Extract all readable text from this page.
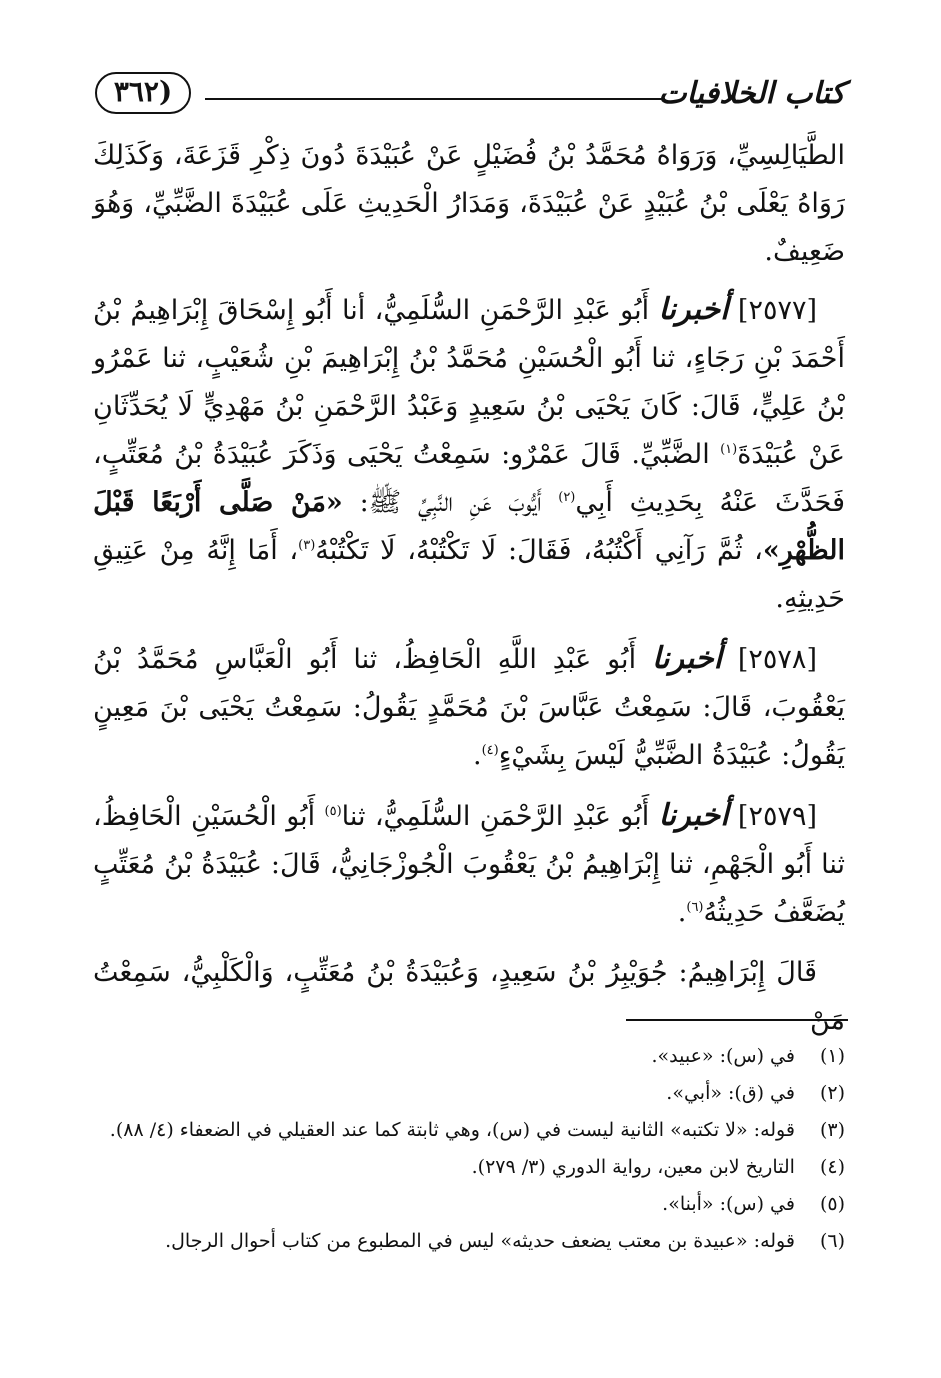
كتاب الخلافيات
(٣٦٢

الطَّيَالِسِيِّ، وَرَوَاهُ مُحَمَّدُ بْنُ فُضَيْلٍ عَنْ عُبَيْدَةَ دُونَ ذِكْرِ قَزَعَةَ، وَكَذَلِكَ رَوَاهُ يَعْلَى بْنُ عُبَيْدٍ عَنْ عُبَيْدَةَ، وَمَدَارُ الْحَدِيثِ عَلَى عُبَيْدَةَ الضَّبِّيِّ، وَهُوَ ضَعِيفٌ.

[٢٥٧٧] أخبرنا أَبُو عَبْدِ الرَّحْمَنِ السُّلَمِيُّ، أنا أَبُو إِسْحَاقَ إِبْرَاهِيمُ بْنُ أَحْمَدَ بْنِ رَجَاءٍ، ثنا أَبُو الْحُسَيْنِ مُحَمَّدُ بْنُ إِبْرَاهِيمَ بْنِ شُعَيْبٍ، ثنا عَمْرُو بْنُ عَلِيٍّ، قَالَ: كَانَ يَحْيَى بْنُ سَعِيدٍ وَعَبْدُ الرَّحْمَنِ بْنُ مَهْدِيٍّ لَا يُحَدِّثَانِ عَنْ عُبَيْدَةَ$^{(١)}$ الضَّبِّيِّ. قَالَ عَمْرٌو: سَمِعْتُ يَحْيَى وَذَكَرَ عُبَيْدَةُ بْنُ مُعَتِّبٍ، فَحَدَّثَ عَنْهُ بِحَدِيثِ أَبِي$^{(٢)}$ أَيُّوبَ عَنِ النَّبِيِّ ﷺ: «مَنْ صَلَّى أَرْبَعًا قَبْلَ الظُّهْرِ»، ثُمَّ رَآنِي أَكْتُبُهُ، فَقَالَ: لَا تَكْتُبْهُ، لَا تَكْتُبْهُ$^{(٣)}$، أَمَا إِنَّهُ مِنْ عَتِيقِ حَدِيثِهِ.

[٢٥٧٨] أخبرنا أَبُو عَبْدِ اللَّهِ الْحَافِظُ، ثنا أَبُو الْعَبَّاسِ مُحَمَّدُ بْنُ يَعْقُوبَ، قَالَ: سَمِعْتُ عَبَّاسَ بْنَ مُحَمَّدٍ يَقُولُ: سَمِعْتُ يَحْيَى بْنَ مَعِينٍ يَقُولُ: عُبَيْدَةُ الضَّبِّيُّ لَيْسَ بِشَيْءٍ$^{(٤)}$.

[٢٥٧٩] أخبرنا أَبُو عَبْدِ الرَّحْمَنِ السُّلَمِيُّ، ثنا$^{(٥)}$ أَبُو الْحُسَيْنِ الْحَافِظُ، ثنا أَبُو الْجَهْمِ، ثنا إِبْرَاهِيمُ بْنُ يَعْقُوبَ الْجُوزْجَانِيُّ، قَالَ: عُبَيْدَةُ بْنُ مُعَتِّبٍ يُضَعَّفُ حَدِيثُهُ$^{(٦)}$.

قَالَ إِبْرَاهِيمُ: جُوَيْبِرُ بْنُ سَعِيدٍ، وَعُبَيْدَةُ بْنُ مُعَتِّبٍ، وَالْكَلْبِيُّ، سَمِعْتُ مَنْ

(١) في (س): «عبيد».

(٢) في (ق): «أبي».

(٣) قوله: «لا تكتبه» الثانية ليست في (س)، وهي ثابتة كما عند العقيلي في الضعفاء (٤/ ٨٨).

(٤) التاريخ لابن معين، رواية الدوري (٣/ ٢٧٩).

(٥) في (س): «أبنا».

(٦) قوله: «عبيدة بن معتب يضعف حديثه» ليس في المطبوع من كتاب أحوال الرجال.
